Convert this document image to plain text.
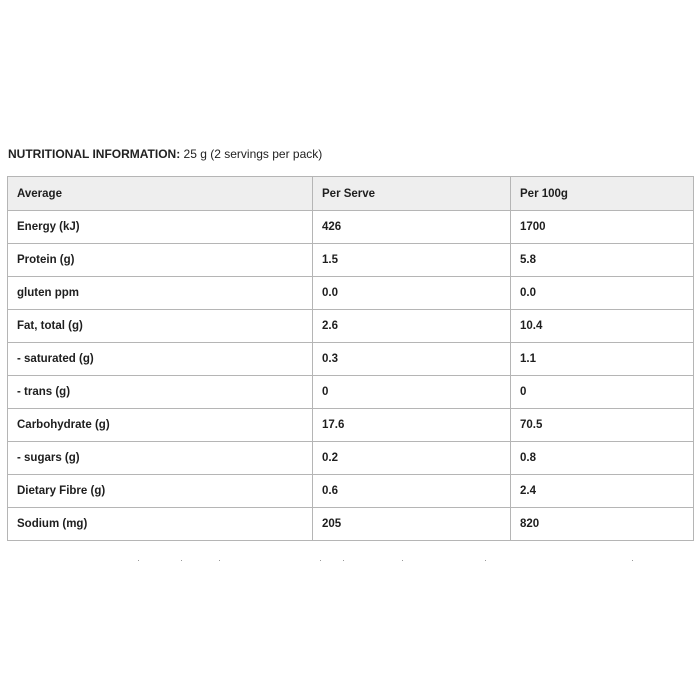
NUTRITIONAL INFORMATION: 25 g (2 servings per pack)
Average	Per Serve	Per 100g
Energy (kJ)	426	1700
Protein (g)	1.5	5.8
gluten ppm	0.0	0.0
Fat, total (g)	2.6	10.4
- saturated (g)	0.3	1.1
- trans (g)	0	0
Carbohydrate (g)	17.6	70.5
- sugars (g)	0.2	0.8
Dietary Fibre (g)	0.6	2.4
Sodium (mg)	205	820
